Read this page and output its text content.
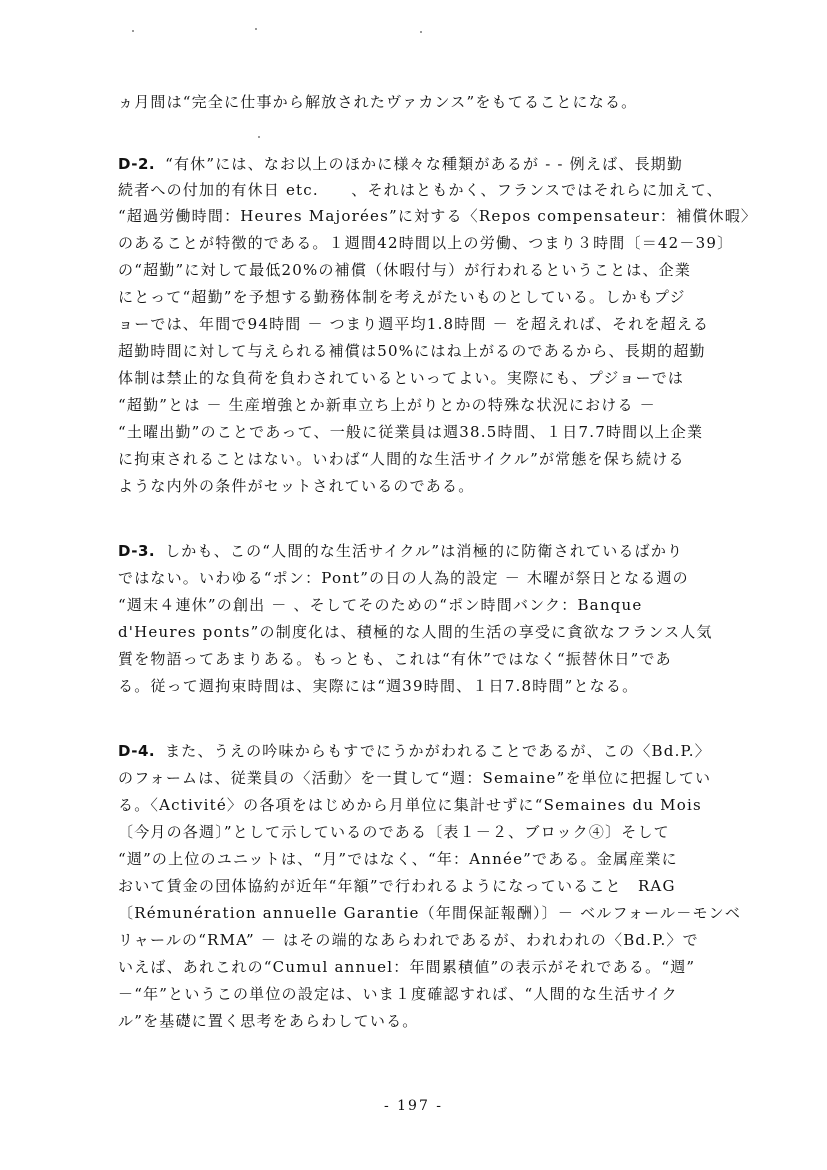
ヵ月間は“完全に仕事から解放されたヴァカンス”をもてることになる。
D-2. “有休”には、なお以上のほかに様々な種類があるが - - 例えば、長期勤
続者への付加的有休日 etc.　　、それはともかく、フランスではそれらに加えて、
“超過労働時間：Heures Majorées”に対する〈Repos compensateur：補償休暇〉
のあることが特徴的である。１週間42時間以上の労働、つまり３時間〔＝42－39〕
の“超勤”に対して最低20%の補償（休暇付与）が行われるということは、企業
にとって“超勤”を予想する勤務体制を考えがたいものとしている。しかもプジ
ョーでは、年間で94時間 － つまり週平均1.8時間 － を超えれば、それを超える
超勤時間に対して与えられる補償は50%にはね上がるのであるから、長期的超勤
体制は禁止的な負荷を負わされているといってよい。実際にも、プジョーでは
“超勤”とは － 生産増強とか新車立ち上がりとかの特殊な状況における －
“土曜出勤”のことであって、一般に従業員は週38.5時間、１日7.7時間以上企業
に拘束されることはない。いわば“人間的な生活サイクル”が常態を保ち続ける
ような内外の条件がセットされているのである。
D-3. しかも、この“人間的な生活サイクル”は消極的に防衛されているばかり
ではない。いわゆる“ポン：Pont”の日の人為的設定 － 木曜が祭日となる週の
“週末４連休”の創出 － 、そしてそのための“ポン時間バンク：Banque
d'Heures ponts”の制度化は、積極的な人間的生活の享受に貪欲なフランス人気
質を物語ってあまりある。もっとも、これは“有休”ではなく“振替休日”であ
る。従って週拘束時間は、実際には“週39時間、１日7.8時間”となる。
D-4. また、うえの吟味からもすでにうかがわれることであるが、この〈Bd.P.〉
のフォームは、従業員の〈活動〉を一貫して“週：Semaine”を単位に把握してい
る。〈Activité〉の各項をはじめから月単位に集計せずに“Semaines du Mois
〔今月の各週〕”として示しているのである〔表１－２、ブロック④〕そして
“週”の上位のユニットは、“月”ではなく、“年：Année”である。金属産業に
おいて賃金の団体協約が近年“年額”で行われるようになっていること　RAG
〔Rémunération annuelle Garantie（年間保証報酬）〕－ ベルフォール－モンベ
リャールの“RMA” － はその端的なあらわれであるが、われわれの〈Bd.P.〉で
いえば、あれこれの“Cumul annuel：年間累積値”の表示がそれである。“週”
－“年”というこの単位の設定は、いま１度確認すれば、“人間的な生活サイク
ル”を基礎に置く思考をあらわしている。
- 197 -
